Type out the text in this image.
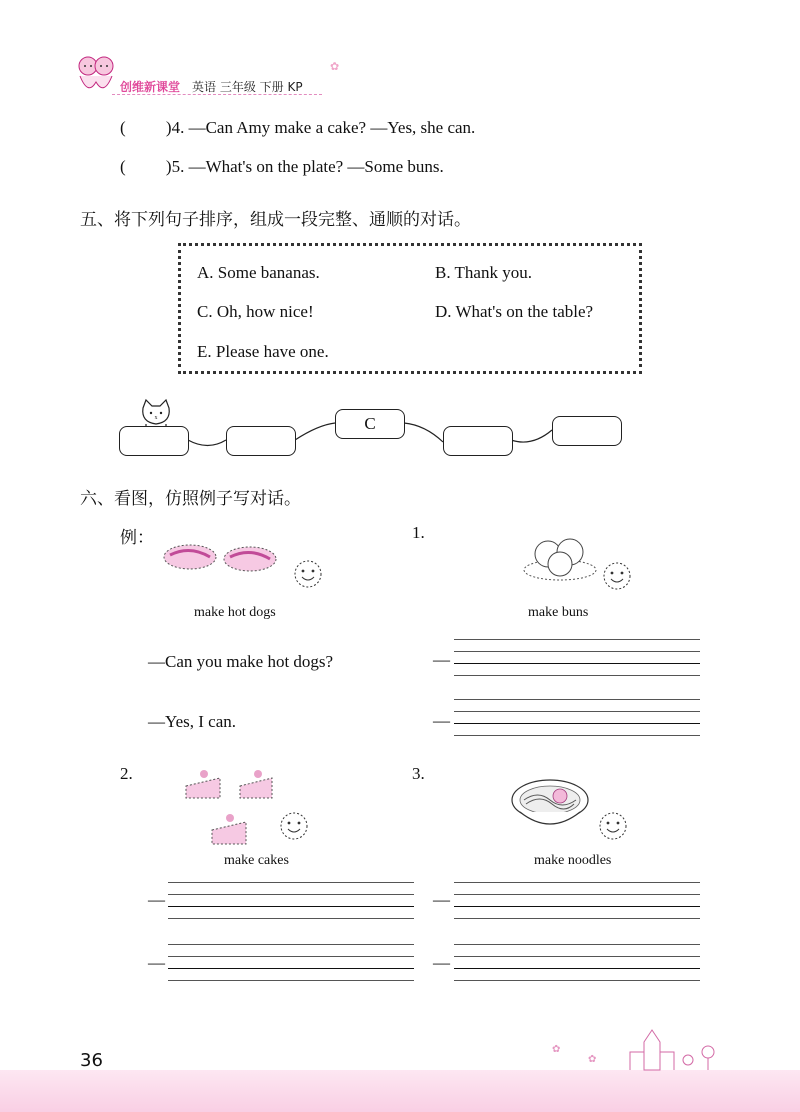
创维新课堂 英语 三年级 下册 KP
✿
( )4. —Can Amy make a cake? —Yes, she can.
( )5. —What's on the plate? —Some buns.
五、将下列句子排序，组成一段完整、通顺的对话。
A. Some bananas.	B. Thank you.
C. Oh, how nice!	D. What's on the table?
E. Please have one.
x	C
六、看图，仿照例子写对话。
例：
make hot dogs
—Can you make hot dogs?
—Yes, I can.
1.
make buns
—
—
2.
make cakes
—
—
3.
make noodles
—
—
36
✿
✿
